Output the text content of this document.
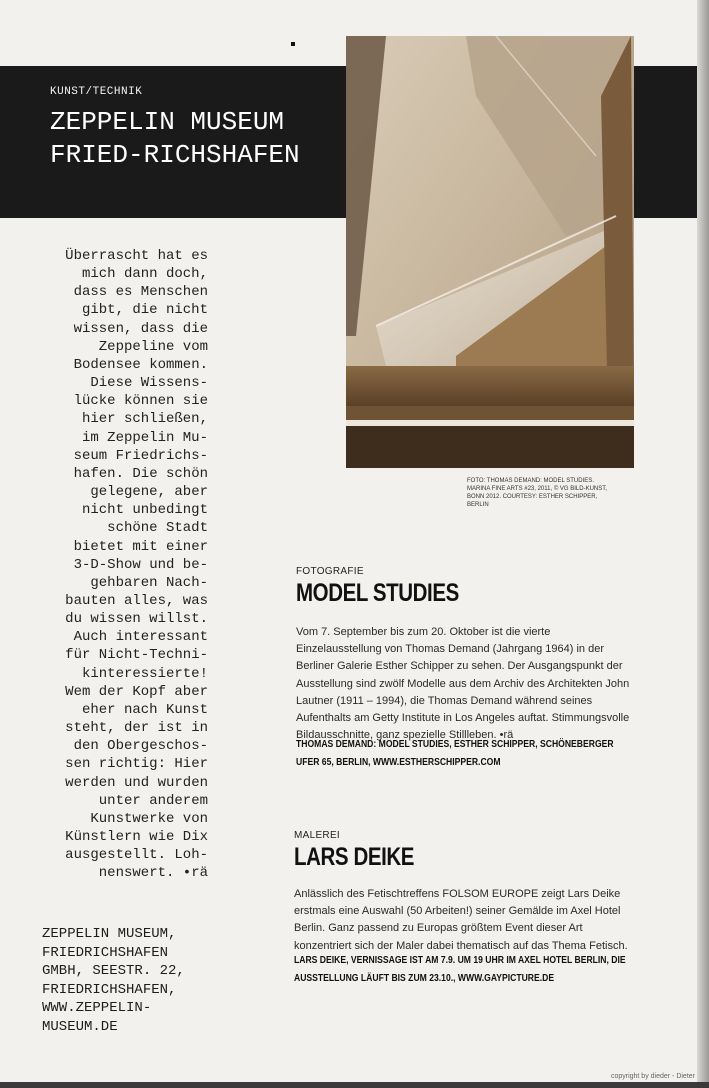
KUNST/TECHNIK
ZEPPELIN MUSEUM FRIED-RICHSHAFEN

Überrascht hat es
mich dann doch,
dass es Menschen
gibt, die nicht
wissen, dass die
Zeppeline vom
Bodensee kommen.
Diese Wissens-
lücke können sie
hier schließen,
im Zeppelin Mu-
seum Friedrichs-
hafen. Die schön
gelegene, aber
nicht unbedingt
schöne Stadt
bietet mit einer
3-D-Show und be-
gehbaren Nach-
bauten alles, was
du wissen willst.
Auch interessant
für Nicht-Techni-
kinteressierte!
Wem der Kopf aber
eher nach Kunst
steht, der ist in
den Obergeschos-
sen richtig: Hier
werden und wurden
unter anderem
Kunstwerke von
Künstlern wie Dix
ausgestellt. Loh-
nenswert. •rä

ZEPPELIN MUSEUM,
FRIEDRICHSHAFEN
GMBH, SEESTR. 22,
FRIEDRICHSHAFEN,
WWW.ZEPPELIN-
MUSEUM.DE

FOTO: THOMAS DEMAND: MODEL STUDIES. MARINA FINE ARTS #23, 2011, © VG BILD-KUNST, BONN 2012. COURTESY: ESTHER SCHIPPER, BERLIN

FOTOGRAFIE
MODEL STUDIES

Vom 7. September bis zum 20. Oktober ist die vierte Einzelausstellung von Thomas Demand (Jahrgang 1964) in der Berliner Galerie Esther Schipper zu sehen. Der Ausgangspunkt der Ausstellung sind zwölf Modelle aus dem Archiv des Architekten John Lautner (1911 – 1994), die Thomas Demand während seines Aufenthalts am Getty Institute in Los Angeles auftat. Stimmungsvolle Bildausschnitte, ganz spezielle Stillleben. •rä

THOMAS DEMAND: MODEL STUDIES, ESTHER SCHIPPER, SCHÖNEBERGER UFER 65, BERLIN, WWW.ESTHERSCHIPPER.COM

MALEREI
LARS DEIKE

Anlässlich des Fetischtreffens FOLSOM EUROPE zeigt Lars Deike erstmals eine Auswahl (50 Arbeiten!) seiner Gemälde im Axel Hotel Berlin. Ganz passend zu Europas größtem Event dieser Art konzentriert sich der Maler dabei thematisch auf das Thema Fetisch.

LARS DEIKE, VERNISSAGE IST AM 7.9. UM 19 UHR IM AXEL HOTEL BERLIN, DIE AUSSTELLUNG LÄUFT BIS ZUM 23.10., WWW.GAYPICTURE.DE

copyright by dieder - Dieter
